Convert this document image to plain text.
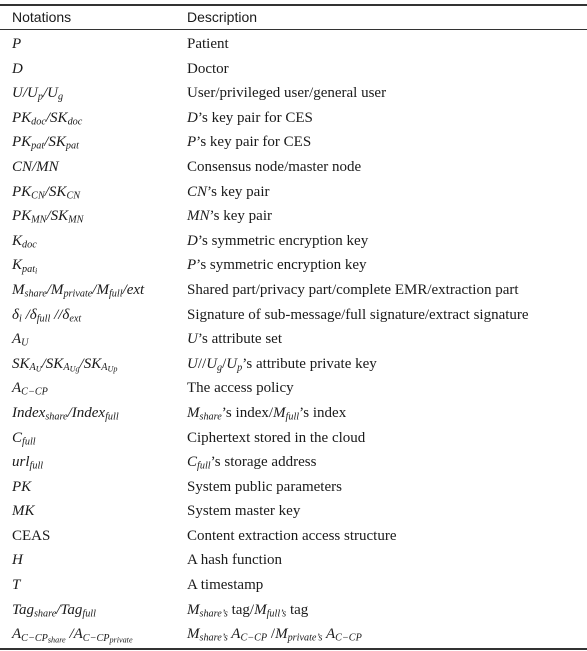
Notations	Description
P	Patient
D	Doctor
$U/U_p/U_g$	User/privileged user/general user
$PK_{doc}/SK_{doc}$	D’s key pair for CES
$PK_{pat}/SK_{pat}$	P’s key pair for CES
CN/MN	Consensus node/master node
$PK_{CN}/SK_{CN}$	CN’s key pair
$PK_{MN}/SK_{MN}$	MN’s key pair
$K_{doc}$	D’s symmetric encryption key
$K_{pat_i}$	P’s symmetric encryption key
$M_{share}/M_{private}/M_{full}$/ext	Shared part/privacy part/complete EMR/extraction part
$\delta_i$ $/\delta_{full}$ $//\delta_{ext}$	Signature of sub-message/full signature/extract signature
$A_U$	U’s attribute set
$SK_{A_U}/SK_{A_{Ug}}/SK_{A_{Up}}$	$U//U_g/U_p’s$ attribute private key
$A_{C-CP}$	The access policy
Index$_{share}$/Index$_{full}$	$M_{share}’s$ index/$M_{full}’s$ index
$C_{full}$	Ciphertext stored in the cloud
url$_{full}$	$C_{full}’s$ storage address
PK	System public parameters
MK	System master key
CEAS	Content extraction access structure
H	A hash function
T	A timestamp
Tag$_{share}$/Tag$_{full}$	$M_{share’s}$ tag/$M_{full’s}$ tag
$A_{C-CP_{share}}$ $/A_{C-CP_{private}}$	$M_{share’s}$ $A_{C-CP}$ $/M_{private’s}$ $A_{C-CP}$
